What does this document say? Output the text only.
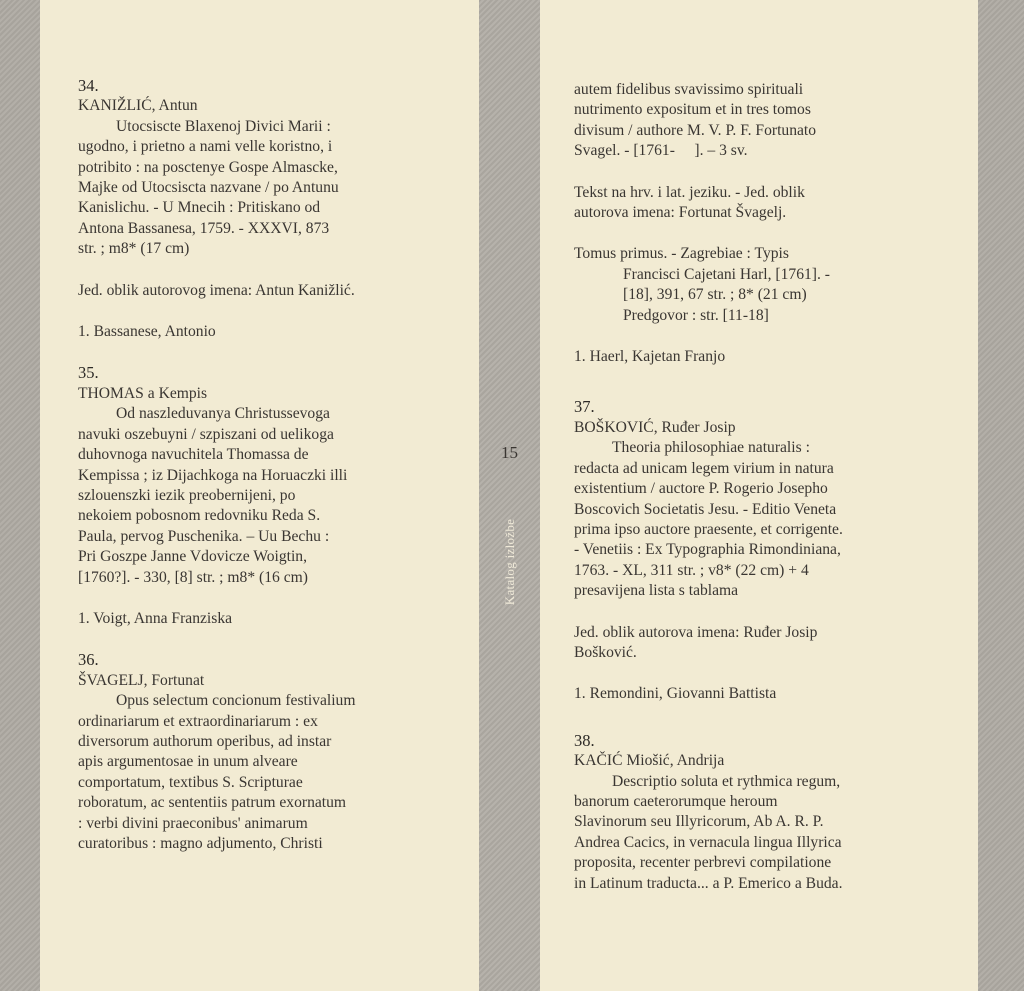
15
Katalog izložbe

34.

KANIŽLIĆ, Antun

Utocsiscte Blaxenoj Divici Marii :

ugodno, i prietno a nami velle koristno, i

potribito : na posctenye Gospe Almascke,

Majke od Utocsiscta nazvane / po Antunu

Kanislichu. - U Mnecih : Pritiskano od

Antona Bassanesa, 1759. - XXXVI, 873

str. ; m8* (17 cm)

Jed. oblik autorovog imena: Antun Kanižlić.

1. Bassanese, Antonio

35.

THOMAS a Kempis

Od naszleduvanya Christussevoga

navuki oszebuyni / szpiszani od uelikoga

duhovnoga navuchitela Thomassa de

Kempissa ; iz Dijachkoga na Horuaczki illi

szlouenszki iezik preobernijeni, po

nekoiem pobosnom redovniku Reda S.

Paula, pervog Puschenika. – Uu Bechu :

Pri Goszpe Janne Vdovicze Woigtin,

[1760?]. - 330, [8] str. ; m8* (16 cm)

1. Voigt, Anna Franziska

36.

ŠVAGELJ, Fortunat

Opus selectum concionum festivalium

ordinariarum et extraordinariarum : ex

diversorum authorum operibus, ad instar

apis argumentosae in unum alveare

comportatum, textibus S. Scripturae

roboratum, ac sententiis patrum exornatum

: verbi divini praeconibus' animarum

curatoribus : magno adjumento, Christi

autem fidelibus svavissimo spirituali

nutrimento expositum et in tres tomos

divisum / authore M. V. P. F. Fortunato

Svagel. - [1761-     ]. – 3 sv.

Tekst na hrv. i lat. jeziku. - Jed. oblik

autorova imena: Fortunat Švagelj.

Tomus primus. - Zagrebiae : Typis

Francisci Cajetani Harl, [1761]. -

[18], 391, 67 str. ; 8* (21 cm)

Predgovor : str. [11-18]

1. Haerl, Kajetan Franjo

37.

BOŠKOVIĆ, Ruđer Josip

Theoria philosophiae naturalis :

redacta ad unicam legem virium in natura

existentium / auctore P. Rogerio Josepho

Boscovich Societatis Jesu. - Editio Veneta

prima ipso auctore praesente, et corrigente.

- Venetiis : Ex Typographia Rimondiniana,

1763. - XL, 311 str. ; v8* (22 cm) + 4

presavijena lista s tablama

Jed. oblik autorova imena: Ruđer Josip

Bošković.

1. Remondini, Giovanni Battista

38.

KAČIĆ Miošić, Andrija

Descriptio soluta et rythmica regum,

banorum caeterorumque heroum

Slavinorum seu Illyricorum, Ab A. R. P.

Andrea Cacics, in vernacula lingua Illyrica

proposita, recenter perbrevi compilatione

in Latinum traducta... a P. Emerico a Buda.
